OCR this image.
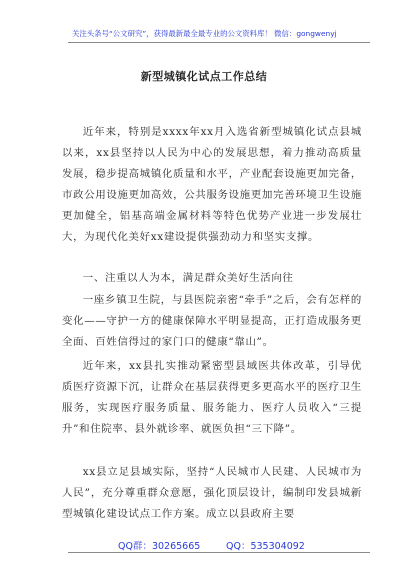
关注头条号“公文研究”，获得最新最全最专业的公文资料库！ 微信：gongwenyj
新型城镇化试点工作总结
近年来，特别是xxxx年xx月入选省新型城镇化试点县城以来，xx县坚持以人民为中心的发展思想，着力推动高质量发展，稳步提高城镇化质量和水平，产业配套设施更加完备，市政公用设施更加高效，公共服务设施更加完善环境卫生设施更加健全，铝基高端金属材料等特色优势产业进一步发展壮大，为现代化美好xx建设提供强劲动力和坚实支撑。
一、注重以人为本，满足群众美好生活向往
一座乡镇卫生院，与县医院亲密“牵手”之后，会有怎样的变化——守护一方的健康保障水平明显提高，正打造成服务更全面、百姓信得过的家门口的健康“靠山”。
近年来，xx县扎实推动紧密型县域医共体改革，引导优质医疗资源下沉，让群众在基层获得更多更高水平的医疗卫生服务，实现医疗服务质量、服务能力、医疗人员收入“三提升”和住院率、县外就诊率、就医负担“三下降”。
xx县立足县域实际，坚持“人民城市人民建、人民城市为人民”，充分尊重群众意愿，强化顶层设计，编制印发县城新型城镇化建设试点工作方案。成立以县政府主要
QQ群：30265665	QQ：535304092
